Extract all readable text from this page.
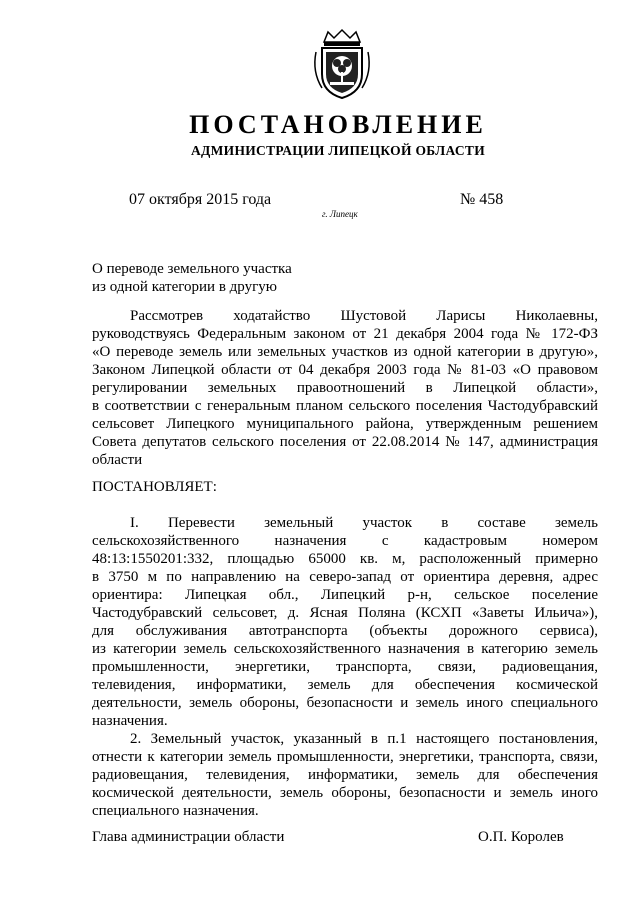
ПОСТАНОВЛЕНИЕ
АДМИНИСТРАЦИИ ЛИПЕЦКОЙ ОБЛАСТИ
07 октября 2015 года
г. Липецк
№ 458
О переводе земельного участка
из одной категории в другую
Рассмотрев ходатайство Шустовой Ларисы Николаевны,
руководствуясь Федеральным законом от 21 декабря 2004 года № 172-ФЗ
«О переводе земель или земельных участков из одной категории в другую»,
Законом Липецкой области от 04 декабря 2003 года № 81-03 «О правовом
регулировании земельных правоотношений в Липецкой области»,
в соответствии с генеральным планом сельского поселения Частодубравский
сельсовет Липецкого муниципального района, утвержденным решением
Совета депутатов сельского поселения от 22.08.2014 № 147, администрация
области
ПОСТАНОВЛЯЕТ:
I. Перевести земельный участок в составе земель
сельскохозяйственного назначения с кадастровым номером
48:13:1550201:332, площадью 65000 кв. м, расположенный примерно
в 3750 м по направлению на северо-запад от ориентира деревня, адрес
ориентира: Липецкая обл., Липецкий р-н, сельское поселение
Частодубравский сельсовет, д. Ясная Поляна (КСХП «Заветы Ильича»),
для обслуживания автотранспорта (объекты дорожного сервиса),
из категории земель сельскохозяйственного назначения в категорию земель
промышленности, энергетики, транспорта, связи, радиовещания,
телевидения, информатики, земель для обеспечения космической
деятельности, земель обороны, безопасности и земель иного специального
назначения.
2. Земельный участок, указанный в п.1 настоящего постановления,
отнести к категории земель промышленности, энергетики, транспорта, связи,
радиовещания, телевидения, информатики, земель для обеспечения
космической деятельности, земель обороны, безопасности и земель иного
специального назначения.
Глава администрации области	О.П. Королев
